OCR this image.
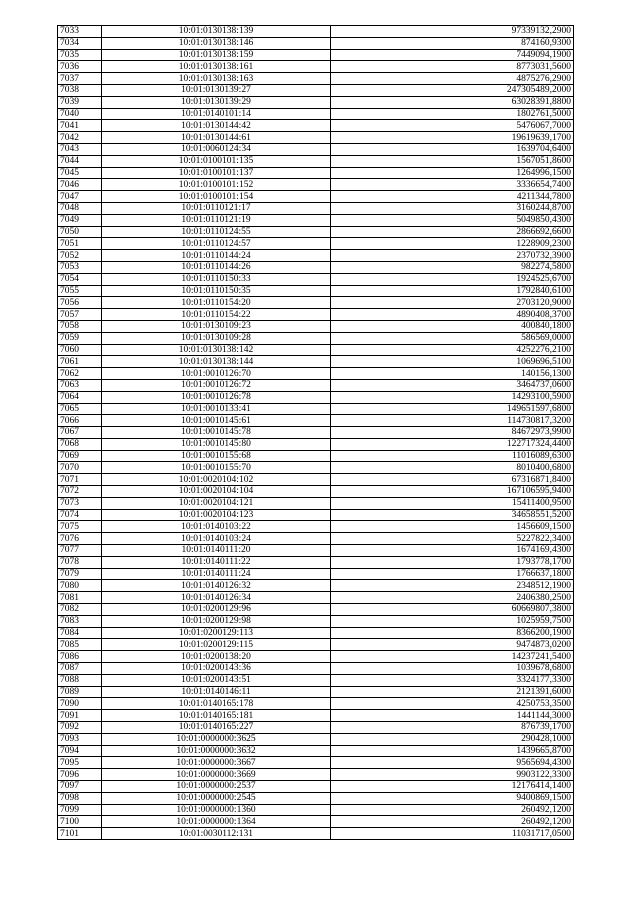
7033	10:01:0130138:139	97339132,2900
7034	10:01:0130138:146	874160,9300
7035	10:01:0130138:159	7449094,1900
7036	10:01:0130138:161	8773031,5600
7037	10:01:0130138:163	4875276,2900
7038	10:01:0130139:27	247305489,2000
7039	10:01:0130139:29	63028391,8800
7040	10:01:0140101:14	1802761,5000
7041	10:01:0130144:42	5476067,7000
7042	10:01:0130144:61	19619639,1700
7043	10:01:0060124:34	1639704,6400
7044	10:01:0100101:135	1567051,8600
7045	10:01:0100101:137	1264996,1500
7046	10:01:0100101:152	3336654,7400
7047	10:01:0100101:154	4211344,7800
7048	10:01:0110121:17	3160244,8700
7049	10:01:0110121:19	5049850,4300
7050	10:01:0110124:55	2866692,6600
7051	10:01:0110124:57	1228909,2300
7052	10:01:0110144:24	2370732,3900
7053	10:01:0110144:26	982274,5800
7054	10:01:0110150:33	1924525,6700
7055	10:01:0110150:35	1792840,6100
7056	10:01:0110154:20	2703120,9000
7057	10:01:0110154:22	4890408,3700
7058	10:01:0130109:23	400840,1800
7059	10:01:0130109:28	586569,0000
7060	10:01:0130138:142	4252276,2100
7061	10:01:0130138:144	1069696,5100
7062	10:01:0010126:70	140156,1300
7063	10:01:0010126:72	3464737,0600
7064	10:01:0010126:78	14293100,5900
7065	10:01:0010133:41	149651597,6800
7066	10:01:0010145:61	114730817,3200
7067	10:01:0010145:78	84672973,9900
7068	10:01:0010145:80	122717324,4400
7069	10:01:0010155:68	11016089,6300
7070	10:01:0010155:70	8010400,6800
7071	10:01:0020104:102	67316871,8400
7072	10:01:0020104:104	167106595,9400
7073	10:01:0020104:121	15411400,9500
7074	10:01:0020104:123	34658551,5200
7075	10:01:0140103:22	1456609,1500
7076	10:01:0140103:24	5227822,3400
7077	10:01:0140111:20	1674169,4300
7078	10:01:0140111:22	1793778,1700
7079	10:01:0140111:24	1766637,1800
7080	10:01:0140126:32	2348512,1900
7081	10:01:0140126:34	2406380,2500
7082	10:01:0200129:96	60669807,3800
7083	10:01:0200129:98	1025959,7500
7084	10:01:0200129:113	8366200,1900
7085	10:01:0200129:115	9474873,0200
7086	10:01:0200138:20	14237241,5400
7087	10:01:0200143:36	1039678,6800
7088	10:01:0200143:51	3324177,3300
7089	10:01:0140146:11	2121391,6000
7090	10:01:0140165:178	4250753,3500
7091	10:01:0140165:181	1441144,3000
7092	10:01:0140165:227	876739,1700
7093	10:01:0000000:3625	290428,1000
7094	10:01:0000000:3632	1439665,8700
7095	10:01:0000000:3667	9565694,4300
7096	10:01:0000000:3669	9903122,3300
7097	10:01:0000000:2537	12176414,1400
7098	10:01:0000000:2545	9400869,1500
7099	10:01:0000000:1360	260492,1200
7100	10:01:0000000:1364	260492,1200
7101	10:01:0030112:131	11031717,0500
